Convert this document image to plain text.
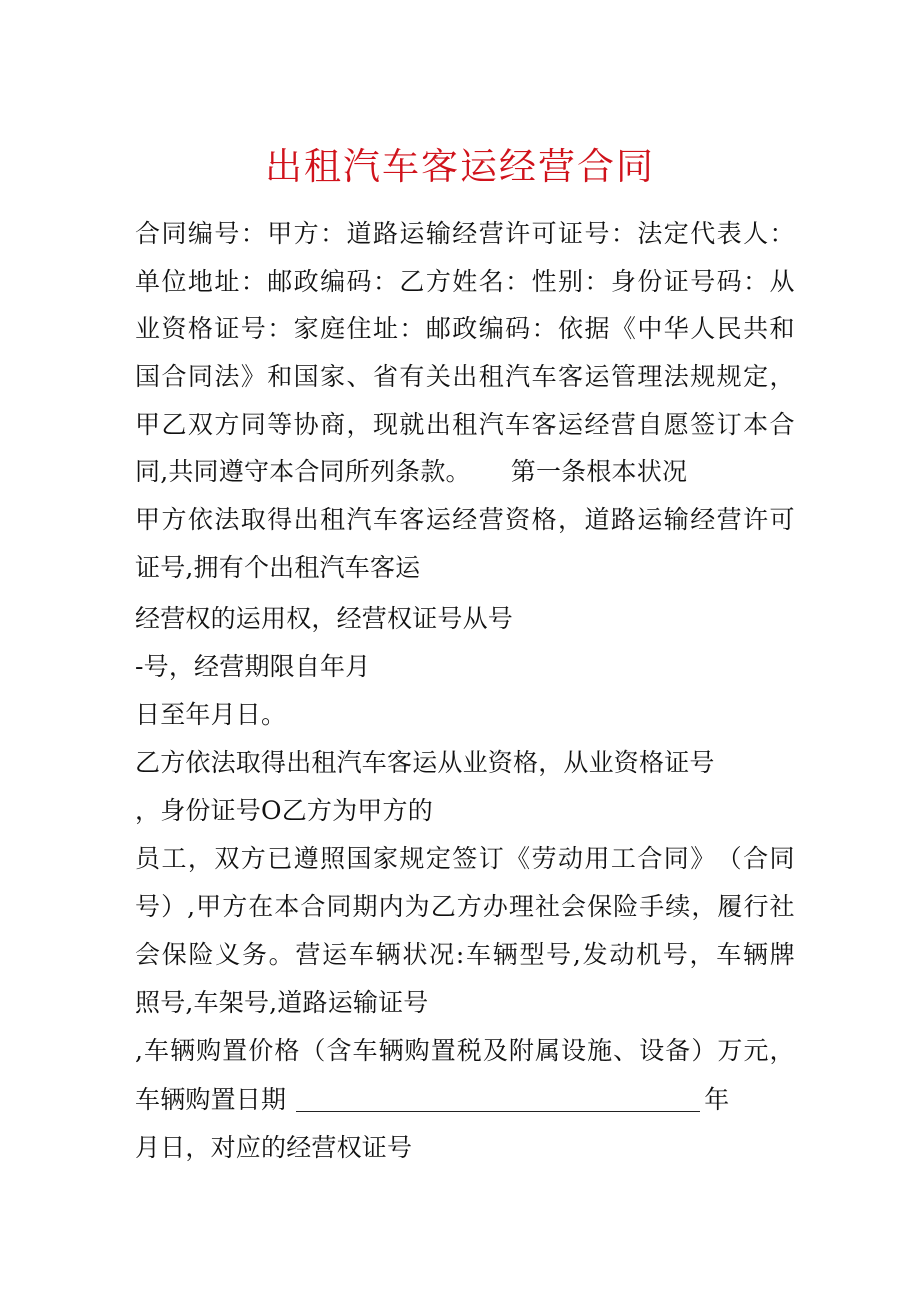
出租汽车客运经营合同
合 同 编 号 ： 甲 方 ： 道 路 运 输 经 营 许 可 证 号 ： 法 定 代 表 人 ：
单 位 地 址 ： 邮 政 编 码 ： 乙 方 姓 名 ： 性 别 ： 身 份 证 号 码 ： 从
业 资 格 证 号 ： 家 庭 住 址 ： 邮 政 编 码 ： 依 据 《 中 华 人 民 共 和
国 合 同 法 》 和 国 家 、 省 有 关 出 租 汽 车 客 运 管 理 法 规 规 定 ，
甲 乙 双 方 同 等 协 商 ， 现 就 出 租 汽 车 客 运 经 营 自 愿 签 订 本 合
同,共同遵守本合同所列条款。 第一条根本状况
甲 方 依 法 取 得 出 租 汽 车 客 运 经 营 资 格 ， 道 路 运 输 经 营 许 可
证号,拥有个出租汽车客运
经营权的运用权，经营权证号从号
-号，经营期限自年月
日至年月日。
乙方依法取得出租汽车客运从业资格，从业资格证号
，身份证号O乙方为甲方的
员 工 ， 双 方 已 遵 照 国 家 规 定 签 订 《 劳 动 用 工 合 同 》 （ 合 同
号 ） , 甲 方 在 本 合 同 期 内 为 乙 方 办 理 社 会 保 险 手 续 ， 履 行 社
会 保 险 义 务 。 营 运 车 辆 状 况 : 车 辆 型 号 , 发 动 机 号 ， 车 辆 牌
照号,车架号,道路运输证号
, 车 辆 购 置 价 格 （ 含 车 辆 购 置 税 及 附 属 设 施 、 设 备 ） 万 元 ，
车辆购置日期	年
月日，对应的经营权证号
